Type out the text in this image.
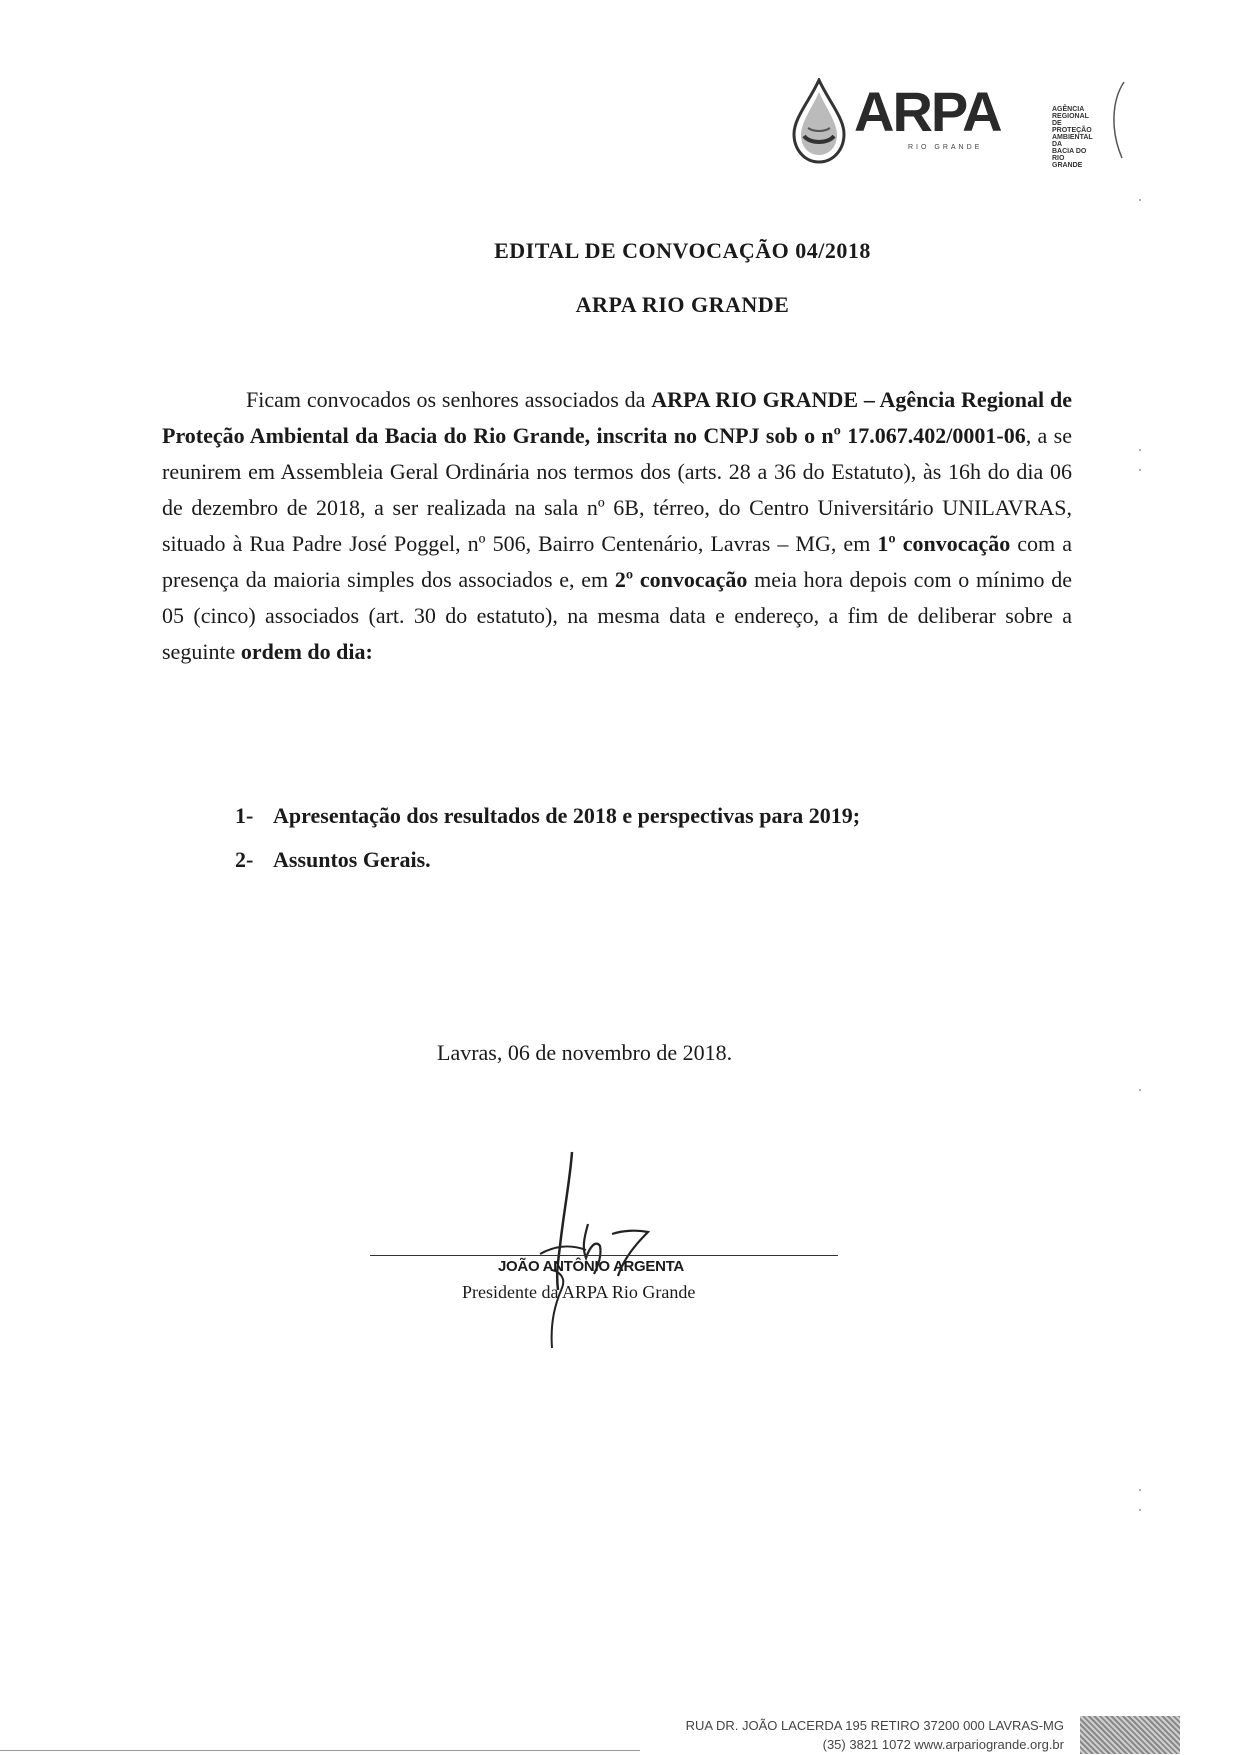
ARPA
RIO GRANDE
AGÊNCIA
REGIONAL DE
PROTEÇÃO
AMBIENTAL DA
BACIA DO
RIO GRANDE
EDITAL DE CONVOCAÇÃO 04/2018
ARPA RIO GRANDE
Ficam convocados os senhores associados da ARPA RIO GRANDE – Agência Regional de Proteção Ambiental da Bacia do Rio Grande, inscrita no CNPJ sob o nº 17.067.402/0001-06, a se reunirem em Assembleia Geral Ordinária nos termos dos (arts. 28 a 36 do Estatuto), às 16h do dia 06 de dezembro de 2018, a ser realizada na sala nº 6B, térreo, do Centro Universitário UNILAVRAS, situado à Rua Padre José Poggel, nº 506, Bairro Centenário, Lavras – MG, em 1º convocação com a presença da maioria simples dos associados e, em 2º convocação meia hora depois com o mínimo de 05 (cinco) associados (art. 30 do estatuto), na mesma data e endereço, a fim de deliberar sobre a seguinte ordem do dia:
1- Apresentação dos resultados de 2018 e perspectivas para 2019;
2- Assuntos Gerais.
Lavras, 06 de novembro de 2018.
JOÃO ANTÔNIO ARGENTA
Presidente da ARPA Rio Grande
RUA DR. JOÃO LACERDA 195 RETIRO 37200 000 LAVRAS-MG
(35) 3821 1072 www.arpariogrande.org.br
